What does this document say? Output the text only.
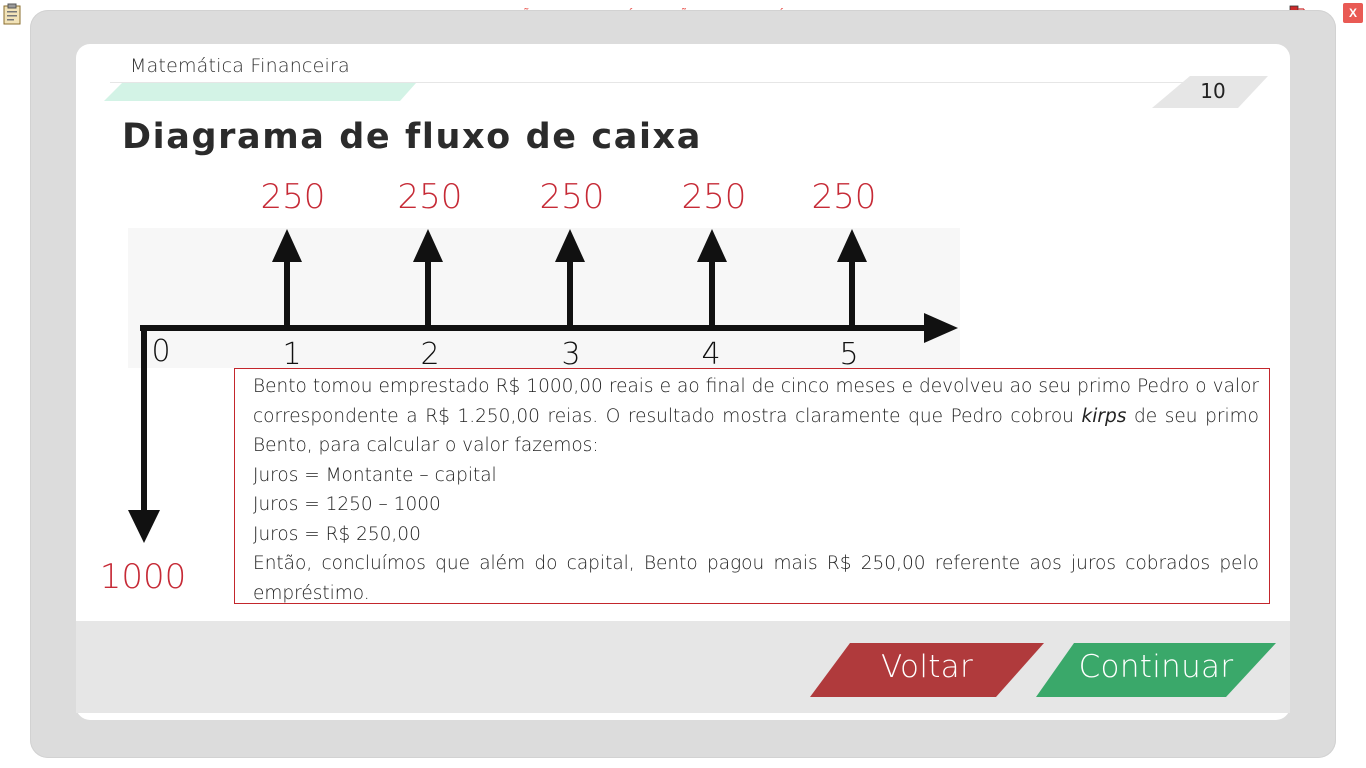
X
Matemática Financeira
10
Diagrama de fluxo de caixa
250
1
250
2
250
3
250
4
250
5
0
1000

Bento tomou emprestado R$ 1000,00 reais e ao final de cinco meses e devolveu ao seu primo Pedro o valor correspondente a R$ 1.250,00 reias. O resultado mostra claramente que Pedro cobrou kirps de seu primo Bento, para calcular o valor fazemos:

Juros = Montante – capital

Juros = 1250 – 1000

Juros = R$ 250,00

Então, concluímos que além do capital, Bento pagou mais R$ 250,00 referente aos juros cobrados pelo empréstimo.

Voltar	Continuar
